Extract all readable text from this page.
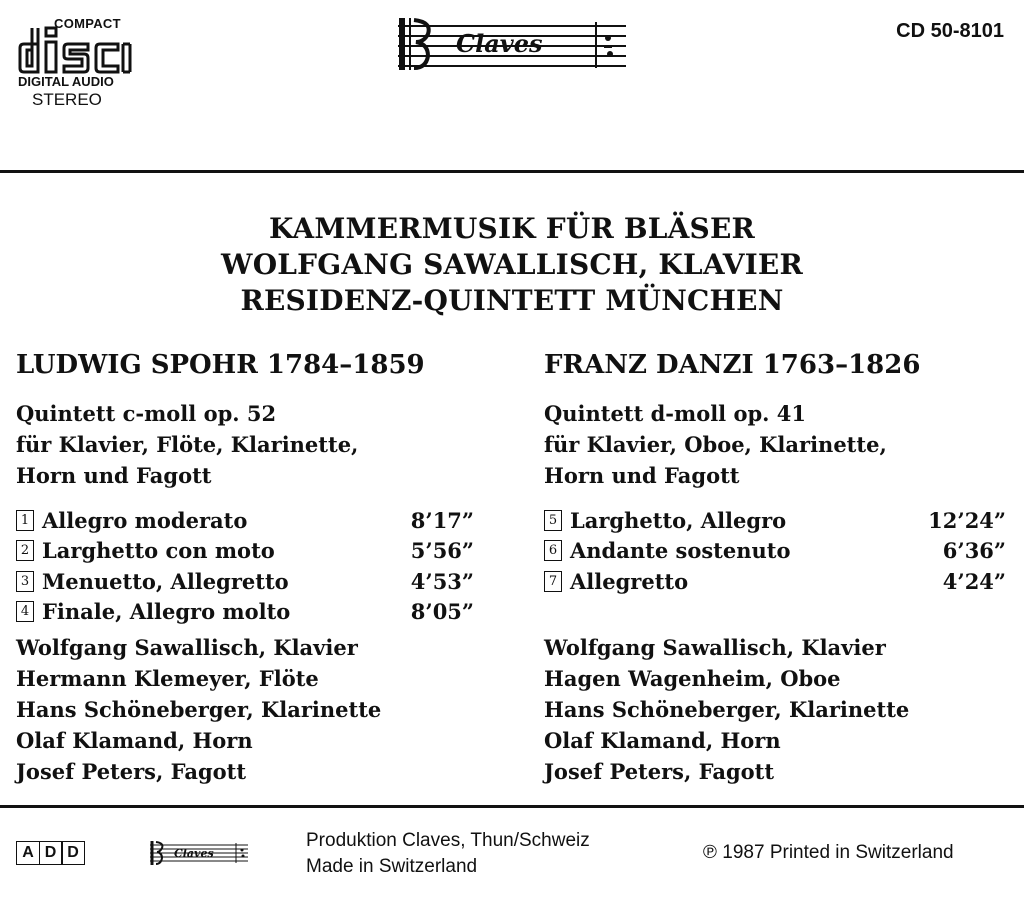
COMPACT
DIGITAL AUDIO
STEREO
Claves	CD 50-8101
KAMMERMUSIK FÜR BLÄSER
WOLFGANG SAWALLISCH, KLAVIER
RESIDENZ-QUINTETT MÜNCHEN
LUDWIG SPOHR 1784–1859
Quintett c-moll op. 52
für Klavier, Flöte, Klarinette,
Horn und Fagott
1 Allegro moderato	8’17”
2 Larghetto con moto	5’56”
3 Menuetto, Allegretto	4’53”
4 Finale, Allegro molto	8’05”
Wolfgang Sawallisch, Klavier
Hermann Klemeyer, Flöte
Hans Schöneberger, Klarinette
Olaf Klamand, Horn
Josef Peters, Fagott
FRANZ DANZI 1763–1826
Quintett d-moll op. 41
für Klavier, Oboe, Klarinette,
Horn und Fagott
5 Larghetto, Allegro	12’24”
6 Andante sostenuto	6’36”
7 Allegretto	4’24”
Wolfgang Sawallisch, Klavier
Hagen Wagenheim, Oboe
Hans Schöneberger, Klarinette
Olaf Klamand, Horn
Josef Peters, Fagott
A D D	Claves
Produktion Claves, Thun/Schweiz
Made in Switzerland
℗ 1987 Printed in Switzerland
